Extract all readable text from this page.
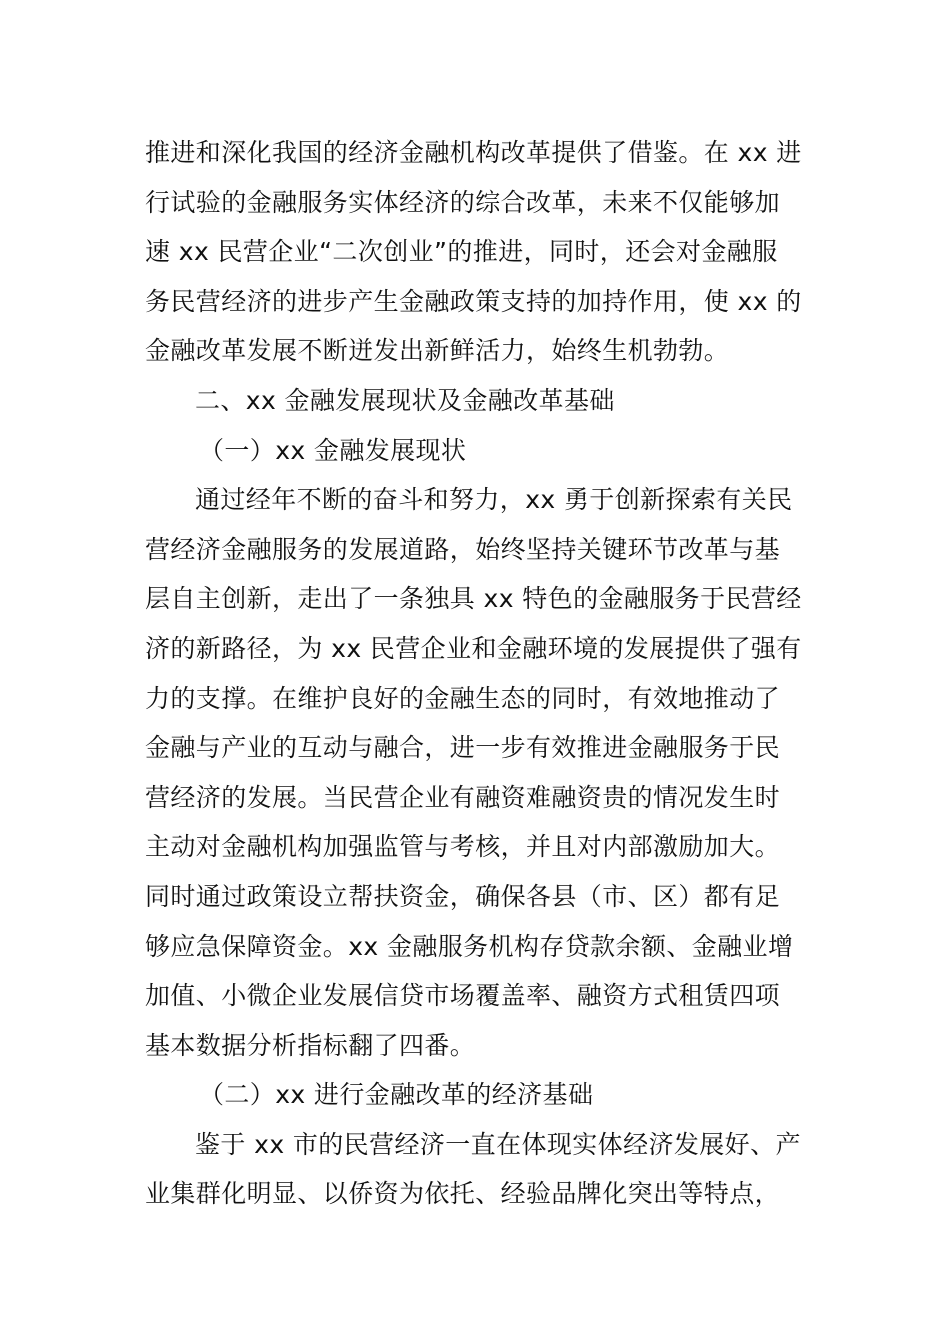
推进和深化我国的经济金融机构改革提供了借鉴。在 xx 进
行试验的金融服务实体经济的综合改革，未来不仅能够加
速 xx 民营企业“二次创业”的推进，同时，还会对金融服
务民营经济的进步产生金融政策支持的加持作用，使 xx 的
金融改革发展不断迸发出新鲜活力，始终生机勃勃。
二、xx 金融发展现状及金融改革基础
（一）xx 金融发展现状
通过经年不断的奋斗和努力，xx 勇于创新探索有关民
营经济金融服务的发展道路，始终坚持关键环节改革与基
层自主创新，走出了一条独具 xx 特色的金融服务于民营经
济的新路径，为 xx 民营企业和金融环境的发展提供了强有
力的支撑。在维护良好的金融生态的同时，有效地推动了
金融与产业的互动与融合，进一步有效推进金融服务于民
营经济的发展。当民营企业有融资难融资贵的情况发生时
主动对金融机构加强监管与考核，并且对内部激励加大。
同时通过政策设立帮扶资金，确保各县（市、区）都有足
够应急保障资金。xx 金融服务机构存贷款余额、金融业增
加值、小微企业发展信贷市场覆盖率、融资方式租赁四项
基本数据分析指标翻了四番。
（二）xx 进行金融改革的经济基础
鉴于 xx 市的民营经济一直在体现实体经济发展好、产
业集群化明显、以侨资为依托、经验品牌化突出等特点，
